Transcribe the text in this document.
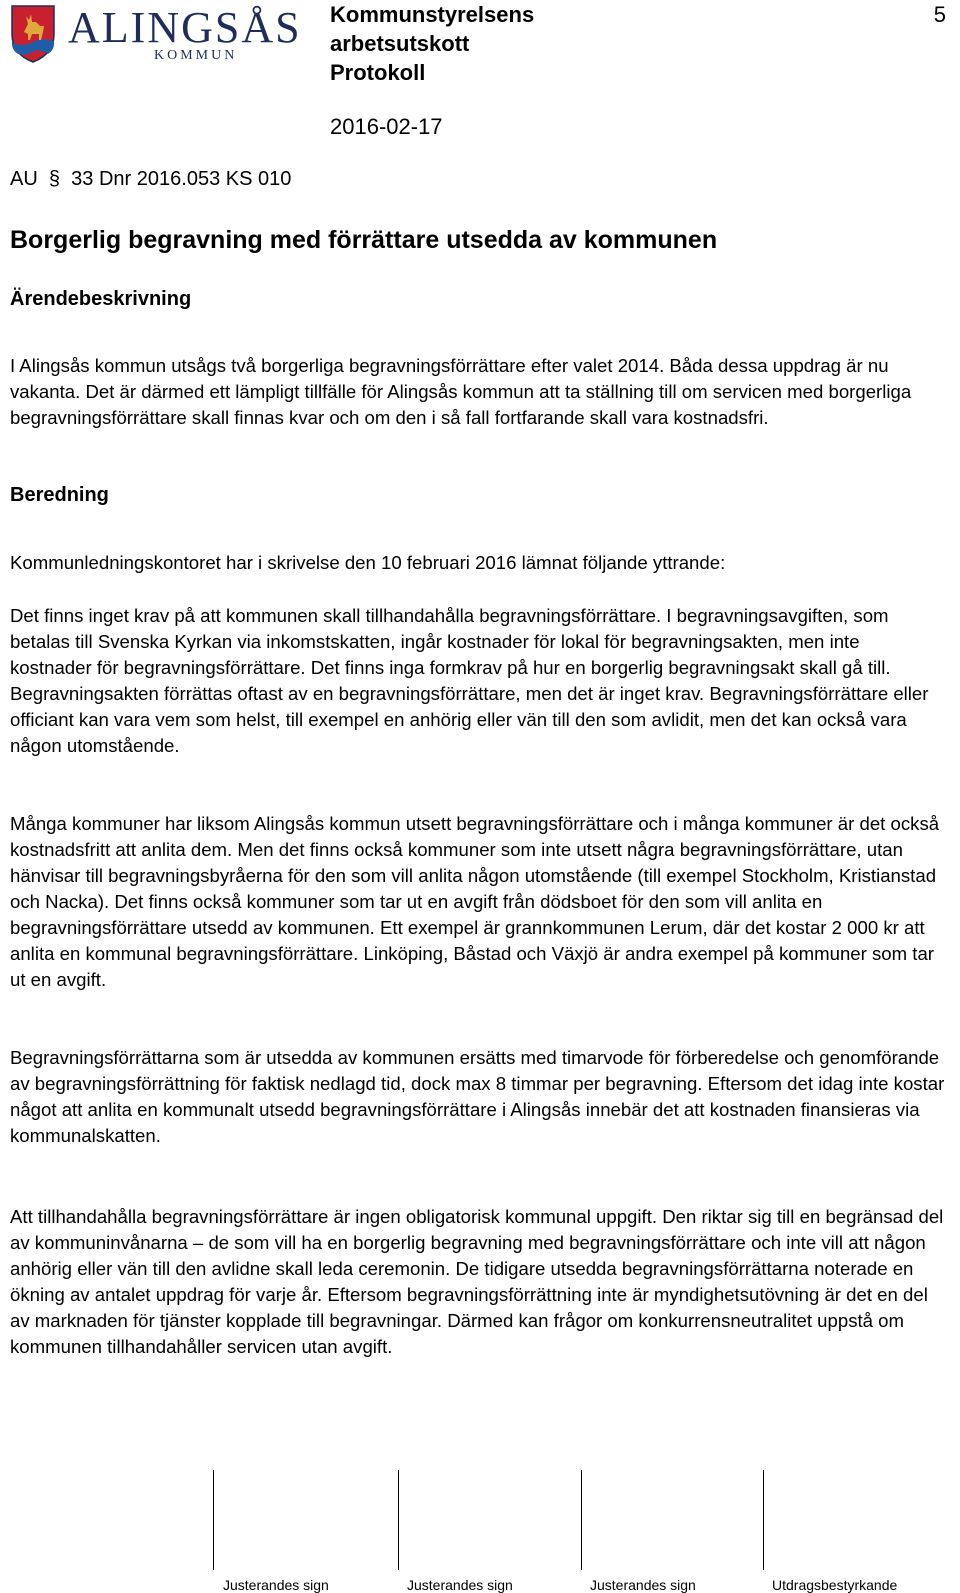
ALINGSÅS
KOMMUN
Kommunstyrelsens
arbetsutskott
Protokoll
5
2016-02-17
AU § 33 Dnr 2016.053 KS 010
Borgerlig begravning med förrättare utsedda av kommunen
Ärendebeskrivning

I Alingsås kommun utsågs två borgerliga begravningsförrättare efter valet 2014. Båda dessa uppdrag är nu vakanta. Det är därmed ett lämpligt tillfälle för Alingsås kommun att ta ställning till om servicen med borgerliga begravningsförrättare skall finnas kvar och om den i så fall fortfarande skall vara kostnadsfri.

Beredning

Kommunledningskontoret har i skrivelse den 10 februari 2016 lämnat följande yttrande:

Det finns inget krav på att kommunen skall tillhandahålla begravningsförrättare. I begravningsavgiften, som betalas till Svenska Kyrkan via inkomstskatten, ingår kostnader för lokal för begravningsakten, men inte kostnader för begravningsförrättare. Det finns inga formkrav på hur en borgerlig begravningsakt skall gå till. Begravningsakten förrättas oftast av en begravningsförrättare, men det är inget krav. Begravningsförrättare eller officiant kan vara vem som helst, till exempel en anhörig eller vän till den som avlidit, men det kan också vara någon utomstående.

Många kommuner har liksom Alingsås kommun utsett begravningsförrättare och i många kommuner är det också kostnadsfritt att anlita dem. Men det finns också kommuner som inte utsett några begravningsförrättare, utan hänvisar till begravningsbyråerna för den som vill anlita någon utomstående (till exempel Stockholm, Kristianstad och Nacka). Det finns också kommuner som tar ut en avgift från dödsboet för den som vill anlita en begravningsförrättare utsedd av kommunen. Ett exempel är grannkommunen Lerum, där det kostar 2 000 kr att anlita en kommunal begravningsförrättare. Linköping, Båstad och Växjö är andra exempel på kommuner som tar ut en avgift.

Begravningsförrättarna som är utsedda av kommunen ersätts med timarvode för förberedelse och genomförande av begravningsförrättning för faktisk nedlagd tid, dock max 8 timmar per begravning. Eftersom det idag inte kostar något att anlita en kommunalt utsedd begravningsförrättare i Alingsås innebär det att kostnaden finansieras via kommunalskatten.

Att tillhandahålla begravningsförrättare är ingen obligatorisk kommunal uppgift. Den riktar sig till en begränsad del av kommuninvånarna – de som vill ha en borgerlig begravning med begravningsförrättare och inte vill att någon anhörig eller vän till den avlidne skall leda ceremonin. De tidigare utsedda begravningsförrättarna noterade en ökning av antalet uppdrag för varje år. Eftersom begravningsförrättning inte är myndighetsutövning är det en del av marknaden för tjänster kopplade till begravningar. Därmed kan frågor om konkurrensneutralitet uppstå om kommunen tillhandahåller servicen utan avgift.

Justerandes sign	Justerandes sign	Justerandes sign	Utdragsbestyrkande
